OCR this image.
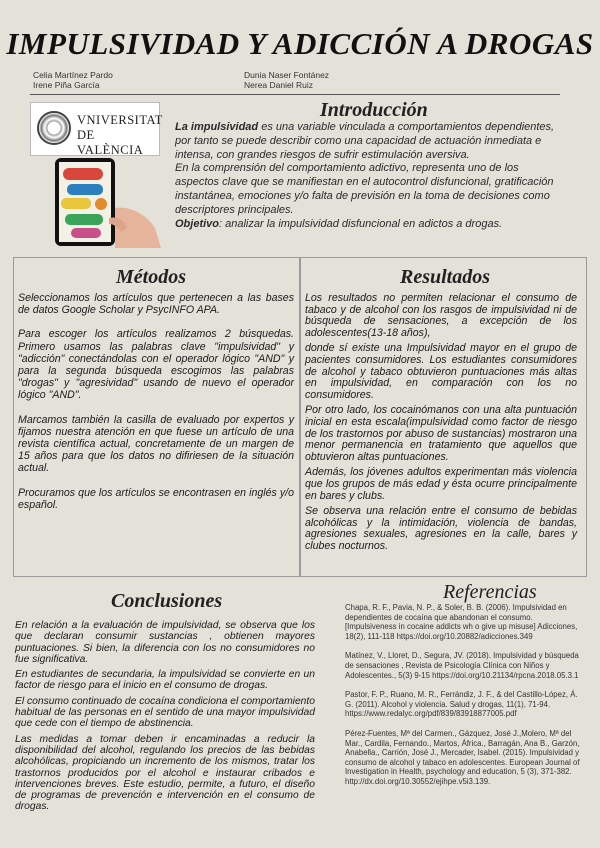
IMPULSIVIDAD Y ADICCIÓN A DROGAS
Celia Martínez Pardo
Irene Piña García
Dunia Naser Fontánez
Nerea Daniel Ruiz
VNIVERSITAT
DE VALÈNCIA
Introducción

La impulsividad es una variable vinculada a comportamientos dependientes, por tanto se puede describir como una capacidad de actuación inmediata e intensa, con grandes riesgos de sufrir estimulación aversiva.

En la comprensión del comportamiento adictivo, representa uno de los aspectos clave que se manifiestan en el autocontrol disfuncional, gratificación instantánea, emociones y/o falta de previsión en la toma de decisiones como descriptores principales.

Objetivo: analizar la impulsividad disfuncional en adictos a drogas.

Métodos

Seleccionamos los artículos que pertenecen a las bases de datos Google Scholar y PsycINFO APA.

Para escoger los artículos realizamos 2 búsquedas. Primero usamos las palabras clave "impulsividad" y "adicción" conectándolas con el operador lógico "AND" y para la segunda búsqueda escogimos las palabras "drogas" y "agresividad" usando de nuevo el operador lógico "AND".

Marcamos también la casilla de evaluado por expertos y fijamos nuestra atención en que fuese un artículo de una revista científica actual, concretamente de un margen de 15 años para que los datos no difiriesen de la situación actual.

Procuramos que los artículos se encontrasen en inglés y/o español.

Resultados

Los resultados no permiten relacionar el consumo de tabaco y de alcohol con los rasgos de impulsividad ni de búsqueda de sensaciones, a excepción de los adolescentes(13-18 años),

donde sí existe una Impulsividad mayor en el grupo de pacientes consumidores. Los estudiantes consumidores de alcohol y tabaco obtuvieron puntuaciones más altas en impulsividad, en comparación con los no consumidores.

Por otro lado, los cocainómanos con una alta puntuación inicial en esta escala(impulsividad como factor de riesgo de los trastornos por abuso de sustancias) mostraron una menor permanencia en tratamiento que aquellos que obtuvieron altas puntuaciones.

Además, los jóvenes adultos experimentan más violencia que los grupos de más edad y ésta ocurre principalmente en bares y clubs.

Se observa una relación entre el consumo de bebidas alcohólicas y la intimidación, violencia de bandas, agresiones sexuales, agresiones en la calle, bares y clubes nocturnos.

Conclusiones

En relación a la evaluación de impulsividad, se observa que los que declaran consumir sustancias , obtienen mayores puntuaciones. Si bien, la diferencia con los no consumidores no fue significativa.

En estudiantes de secundaria, la impulsividad se convierte en un factor de riesgo para el inicio en el consumo de drogas.

El consumo continuado de cocaína condiciona el comportamiento habitual de las personas en el sentido de una mayor impulsividad que cede con el tiempo de abstinencia.

Las medidas a tomar deben ir encaminadas a reducir la disponibilidad del alcohol, regulando los precios de las bebidas alcohólicas, propiciando un incremento de los mismos, tratar los trastornos producidos por el alcohol e instaurar cribados e intervenciones breves. Este estudio, permite, a futuro, el diseño de programas de prevención e intervención en el consumo de drogas.

Referencias

Chapa, R. F., Pavia, N. P., & Soler, B. B. (2006). Impulsividad en dependientes de cocaína que abandonan el consumo. [Impulsiveness in cocaine addicts wh o give up misuse] Adicciones, 18(2), 111-118 https://doi.org/10.20882/adicciones.349

Matínez, V., Lloret, D., Segura, JV. (2018). Impulsividad y búsqueda de sensaciones , Revista de Psicología Clínica con Niños y Adolescentes., 5(3) 9-15 https://doi.org/10.21134/rpcna.2018.05.3.1

Pastor, F. P., Ruano, M. R., Ferrándiz, J. F., & del Castillo-López, Á. G. (2011). Alcohol y violencia. Salud y drogas, 11(1), 71-94. https://www.redalyc.org/pdf/839/83918877005.pdf

Pérez-Fuentes, Mª del Carmen., Gázquez, José J.,Molero, Mª del Mar., Cardila, Fernando., Martos, África., Barragán, Ana B., Garzón, Anabella., Carrión, José J., Mercader, Isabel. (2015). Impulsividad y consumo de alcohol y tabaco en adolescentes. European Journal of Investigation in Health, psychology and education, 5 (3), 371-382. http://dx.doi.org/10.30552/ejihpe.v5i3.139.
